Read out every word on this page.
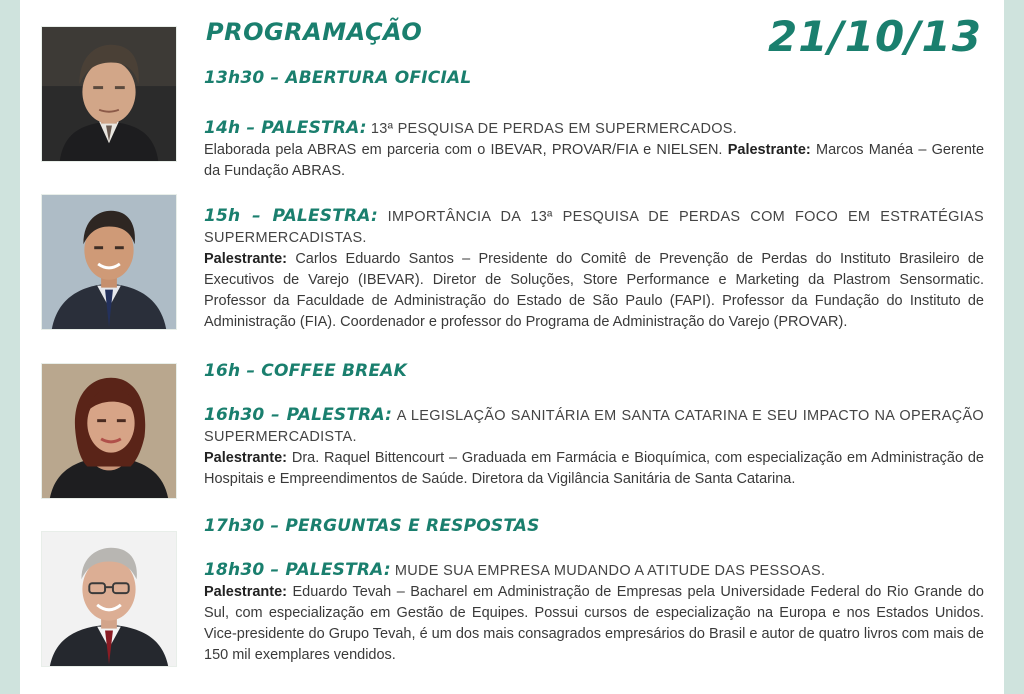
PROGRAMAÇÃO	21/10/13
13h30 – ABERTURA OFICIAL
14h – PALESTRA: 13ª PESQUISA DE PERDAS EM SUPERMERCADOS.
Elaborada pela ABRAS em parceria com o IBEVAR, PROVAR/FIA e NIELSEN. Palestrante: Marcos Manéa – Gerente da Fundação ABRAS.
15h – PALESTRA: IMPORTÂNCIA DA 13ª PESQUISA DE PERDAS COM FOCO EM ESTRATÉGIAS SUPERMERCADISTAS.
Palestrante: Carlos Eduardo Santos – Presidente do Comitê de Prevenção de Perdas do Instituto Brasileiro de Executivos de Varejo (IBEVAR). Diretor de Soluções, Store Performance e Marketing da Plastrom Sensormatic. Professor da Faculdade de Administração do Estado de São Paulo (FAPI). Professor da Fundação do Instituto de Administração (FIA). Coordenador e professor do Programa de Administração do Varejo (PROVAR).
16h – COFFEE BREAK
16h30 – PALESTRA: A LEGISLAÇÃO SANITÁRIA EM SANTA CATARINA E SEU IMPACTO NA OPERAÇÃO SUPERMERCADISTA.
Palestrante: Dra. Raquel Bittencourt – Graduada em Farmácia e Bioquímica, com especialização em Administração de Hospitais e Empreendimentos de Saúde. Diretora da Vigilância Sanitária de Santa Catarina.
17h30 – PERGUNTAS E RESPOSTAS
18h30 – PALESTRA: MUDE SUA EMPRESA MUDANDO A ATITUDE DAS PESSOAS.
Palestrante: Eduardo Tevah – Bacharel em Administração de Empresas pela Universidade Federal do Rio Grande do Sul, com especialização em Gestão de Equipes. Possui cursos de especialização na Europa e nos Estados Unidos. Vice-presidente do Grupo Tevah, é um dos mais consagrados empresários do Brasil e autor de quatro livros com mais de 150 mil exemplares vendidos.
